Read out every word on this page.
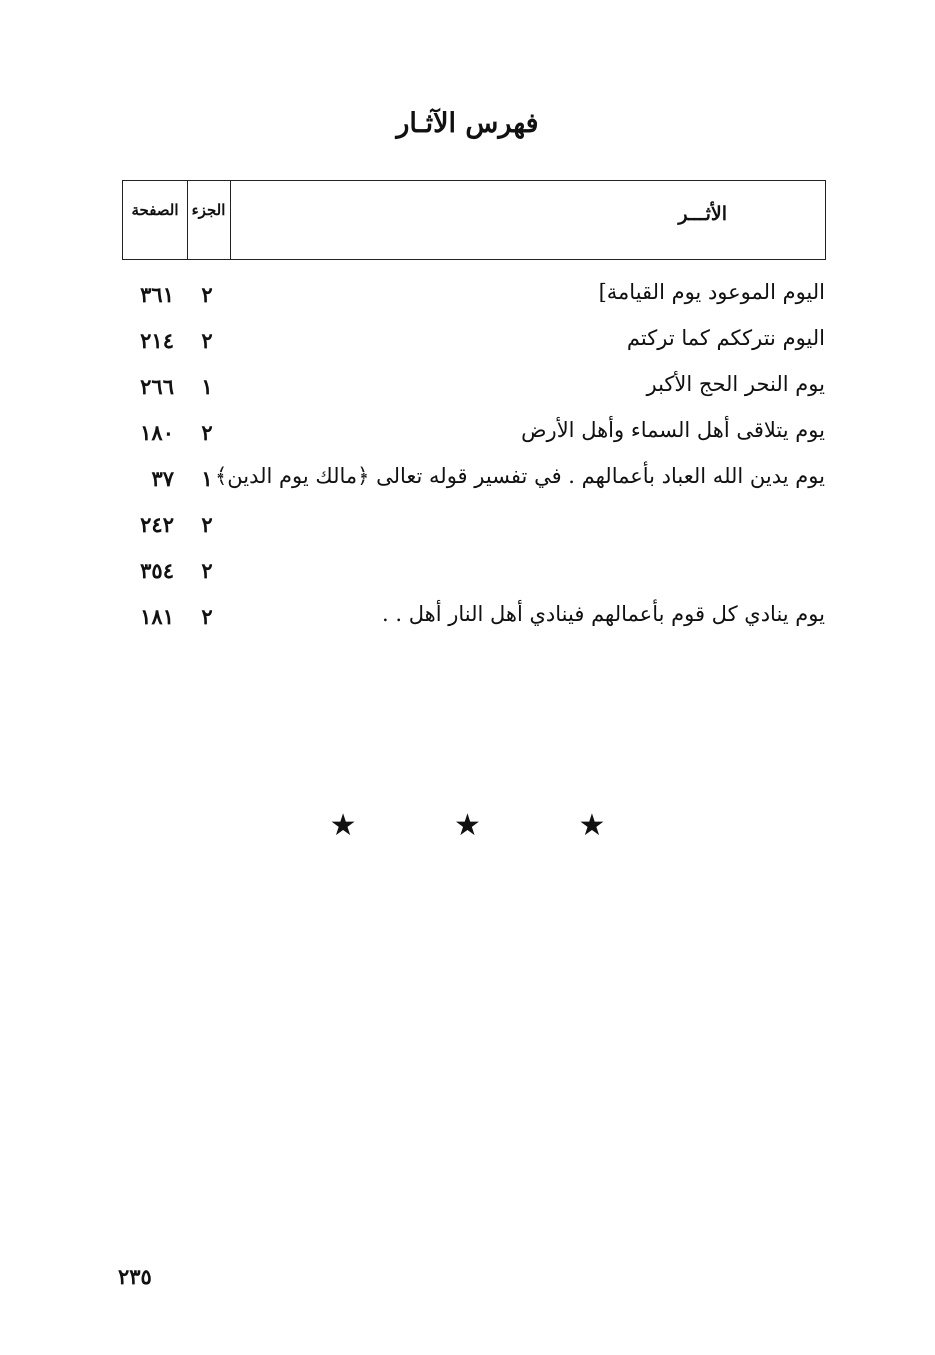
فهرس الآثـار
الصفحة الجزء	الأثـــر
اليوم الموعود يوم القيامة]
٢
٣٦١
اليوم نترككم كما تركتم
٢
٢١٤
يوم النحر الحج الأكبر
١
٢٦٦
يوم يتلاقى أهل السماء وأهل الأرض
٢
١٨٠
يوم يدين الله العباد بأعمالهم . في تفسير قوله تعالى ﴿مالك يوم الدين﴾
١
٣٧
٢
٢٤٢
٢
٣٥٤
يوم ينادي كل قوم بأعمالهم فينادي أهل النار أهل . .
٢
١٨١
★ ★ ★
٢٣٥
